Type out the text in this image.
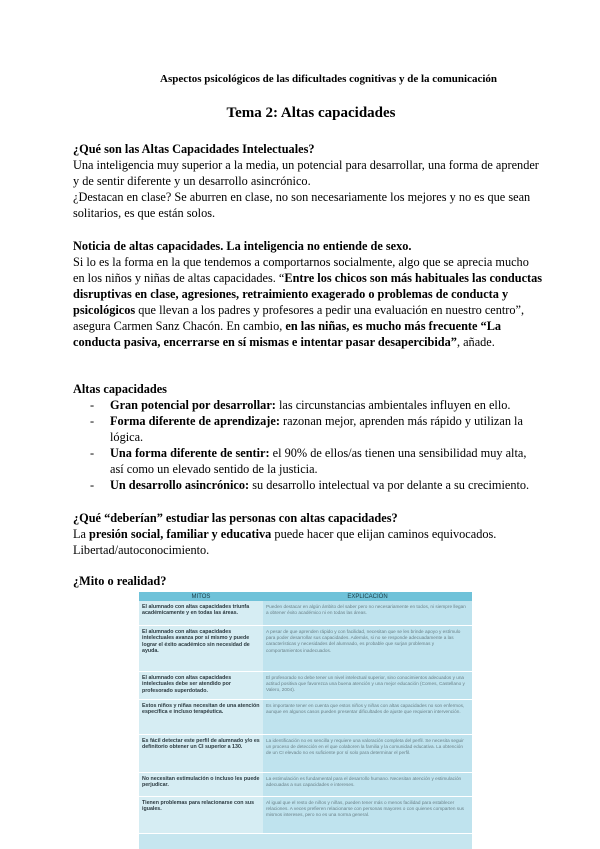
Aspectos psicológicos de las dificultades cognitivas y de la comunicación
Tema 2: Altas capacidades
¿Qué son las Altas Capacidades Intelectuales?

Una inteligencia muy superior a la media, un potencial para desarrollar, una forma de aprender y de sentir diferente y un desarrollo asincrónico.

¿Destacan en clase? Se aburren en clase, no son necesariamente los mejores y no es que sean solitarios, es que están solos.

Noticia de altas capacidades. La inteligencia no entiende de sexo.

Si lo es la forma en la que tendemos a comportarnos socialmente, algo que se aprecia mucho en los niños y niñas de altas capacidades. “Entre los chicos son más habituales las conductas disruptivas en clase, agresiones, retraimiento exagerado o problemas de conducta y psicológicos que llevan a los padres y profesores a pedir una evaluación en nuestro centro”, asegura Carmen Sanz Chacón. En cambio, en las niñas, es mucho más frecuente “La conducta pasiva, encerrarse en sí mismas e intentar pasar desapercibida”, añade.

Altas capacidades
- Gran potencial por desarrollar: las circunstancias ambientales influyen en ello.
- Forma diferente de aprendizaje: razonan mejor, aprenden más rápido y utilizan la lógica.
- Una forma diferente de sentir: el 90% de ellos/as tienen una sensibilidad muy alta, así como un elevado sentido de la justicia.
- Un desarrollo asincrónico: su desarrollo intelectual va por delante a su crecimiento.
¿Qué “deberían” estudiar las personas con altas capacidades?

La presión social, familiar y educativa puede hacer que elijan caminos equivocados. Libertad/autoconocimiento.

¿Mito o realidad?
MITOS	EXPLICACIÓN
El alumnado con altas capacidades triunfa académicamente y en todas las áreas.	Pueden destacar en algún ámbito del saber pero no necesariamente en todos, ni siempre llegan a obtener éxito académico ni en todas las áreas.
El alumnado con altas capacidades intelectuales avanza por sí mismo y puede lograr el éxito académico sin necesidad de ayuda.	A pesar de que aprenden rápido y con facilidad, necesitan que se les brinde apoyo y estímulo para poder desarrollar sus capacidades. Además, si no se responde adecuadamente a las características y necesidades del alumnado, es probable que surjan problemas y comportamientos inadecuados.
El alumnado con altas capacidades intelectuales debe ser atendido por profesorado superdotado.	El profesorado no debe tener un nivel intelectual superior, sino conocimientos adecuados y una actitud positiva que favorezca una buena atención y una mejor educación (Comes, Castellano y Valero, 2004).
Estos niños y niñas necesitan de una atención específica e incluso terapéutica.	Es importante tener en cuenta que estos niños y niñas con altas capacidades no son enfermos, aunque en algunos casos pueden presentar dificultades de ajuste que requieran intervención.
Es fácil detectar este perfil de alumnado y/o es definitorio obtener un CI superior a 130.	La identificación no es sencilla y requiere una valoración completa del perfil. Se necesita seguir un proceso de detección en el que colaboren la familia y la comunidad educativa. La obtención de un CI elevado no es suficiente por sí solo para determinar el perfil.
No necesitan estimulación o incluso les puede perjudicar.	La estimulación es fundamental para el desarrollo humano. Necesitan atención y estimulación adecuadas a sus capacidades e intereses.
Tienen problemas para relacionarse con sus iguales.	Al igual que el resto de niños y niñas, pueden tener más o menos facilidad para establecer relaciones. A veces prefieren relacionarse con personas mayores o con quienes comparten sus mismos intereses, pero no es una norma general.
